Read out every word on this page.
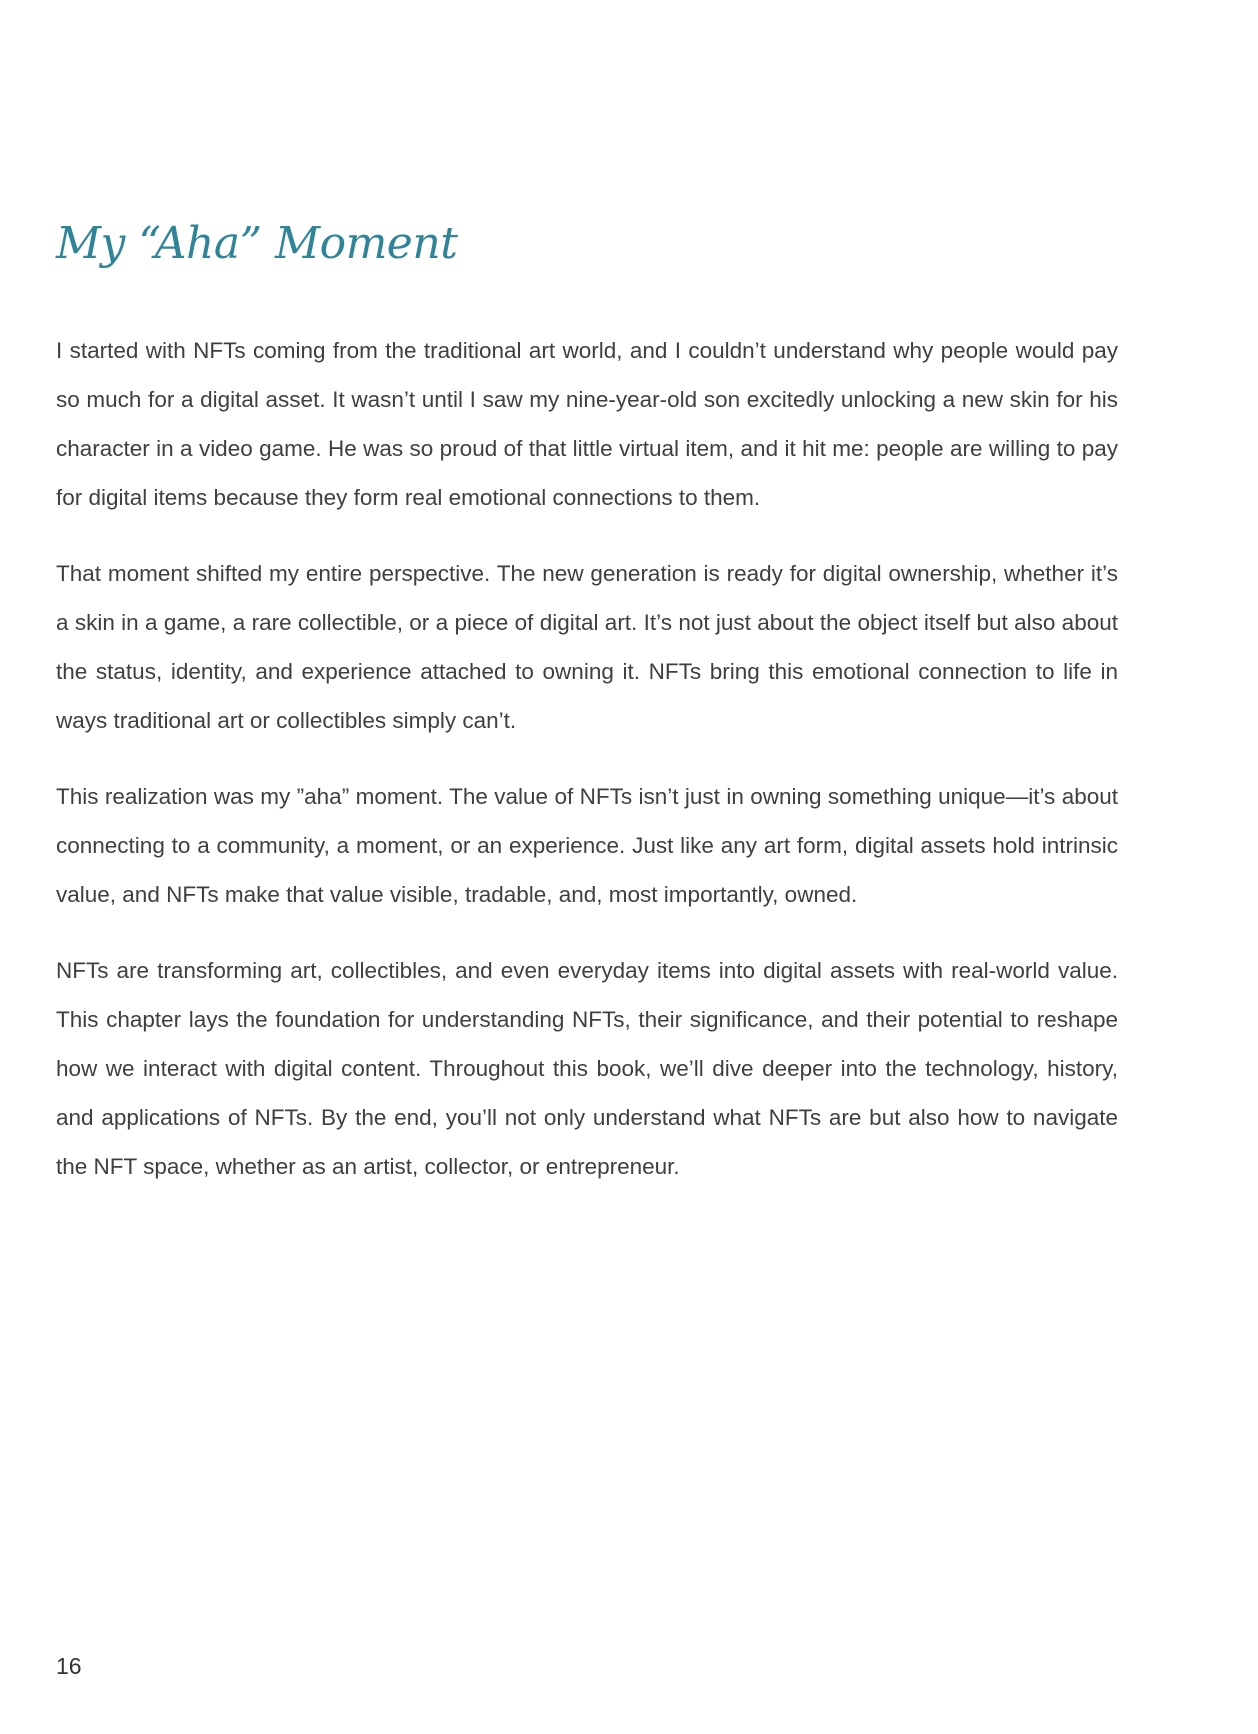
My “Aha” Moment

I started with NFTs coming from the traditional art world, and I couldn’t understand why people would pay so much for a digital asset. It wasn’t until I saw my nine-year-old son excitedly unlocking a new skin for his character in a video game. He was so proud of that little virtual item, and it hit me: people are willing to pay for digital items because they form real emotional connections to them.

That moment shifted my entire perspective. The new generation is ready for digital ownership, whether it’s a skin in a game, a rare collectible, or a piece of digital art. It’s not just about the object itself but also about the status, identity, and experience attached to owning it. NFTs bring this emotional connection to life in ways traditional art or collectibles simply can’t.

This realization was my ”aha” moment. The value of NFTs isn’t just in owning something unique—it’s about connecting to a community, a moment, or an experience. Just like any art form, digital assets hold intrinsic value, and NFTs make that value visible, tradable, and, most importantly, owned.

NFTs are transforming art, collectibles, and even everyday items into digital assets with real-world value. This chapter lays the foundation for understanding NFTs, their significance, and their potential to reshape how we interact with digital content. Throughout this book, we’ll dive deeper into the technology, history, and applications of NFTs. By the end, you’ll not only understand what NFTs are but also how to navigate the NFT space, whether as an artist, collector, or entrepreneur.

16
